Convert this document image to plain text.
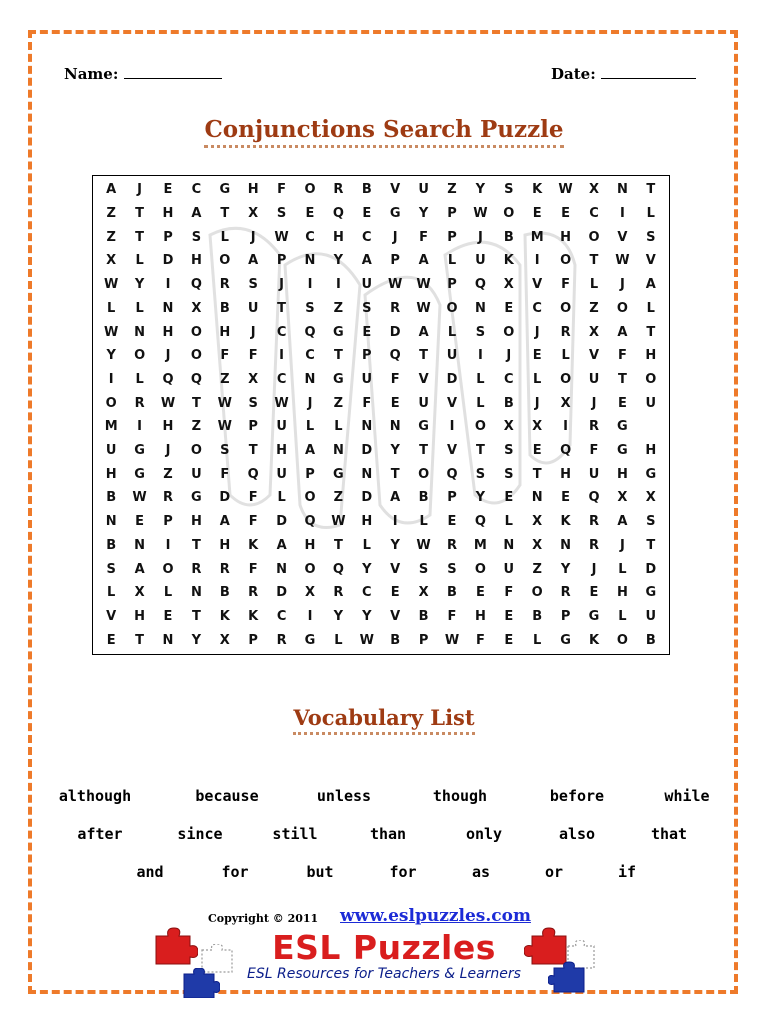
Name:	Date:
Conjunctions Search Puzzle
A	J	E	C	G	H	F	O	R	B	V	U	Z	Y	S	K	W	X	N	T
Z	T	H	A	T	X	S	E	Q	E	G	Y	P	W	O	E	E	C	I	L
Z	T	P	S	L	J	W	C	H	C	J	F	P	J	B	M	H	O	V	S
X	L	D	H	O	A	P	N	Y	A	P	A	L	U	K	I	O	T	W	V
W	Y	I	Q	R	S	J	I	I	U	W	W	P	Q	X	V	F	L	J	A
L	L	N	X	B	U	T	S	Z	S	R	W	O	N	E	C	O	Z	O	L
W	N	H	O	H	J	C	Q	G	E	D	A	L	S	O	J	R	X	A	T
Y	O	J	O	F	F	I	C	T	P	Q	T	U	I	J	E	L	V	F	H
I	L	Q	Q	Z	X	C	N	G	U	F	V	D	L	C	L	O	U	T	O
O	R	W	T	W	S	W	J	Z	F	E	U	V	L	B	J	X	J	E	U
M	I	H	Z	W	P	U	L	L	N	N	G	I	O	X	X	I	R	G
U	G	J	O	S	T	H	A	N	D	Y	T	V	T	S	E	Q	F	G	H
H	G	Z	U	F	Q	U	P	G	N	T	O	Q	S	S	T	H	U	H	G
B	W	R	G	D	F	L	O	Z	D	A	B	P	Y	E	N	E	Q	X	X
N	E	P	H	A	F	D	Q	W	H	I	L	E	Q	L	X	K	R	A	S
B	N	I	T	H	K	A	H	T	L	Y	W	R	M	N	X	N	R	J	T
S	A	O	R	R	F	N	O	Q	Y	V	S	S	O	U	Z	Y	J	L	D
L	X	L	N	B	R	D	X	R	C	E	X	B	E	F	O	R	E	H	G
V	H	E	T	K	K	C	I	Y	Y	V	B	F	H	E	B	P	G	L	U
E	T	N	Y	X	P	R	G	L	W	B	P	W	F	E	L	G	K	O	B
Vocabulary List
although	because	unless	though	before	while
after	since	still	than	only	also	that
and	for	but	for	as	or	if
Copyright © 2011 www.eslpuzzles.com
ESL Puzzles
ESL Resources for Teachers & Learners
